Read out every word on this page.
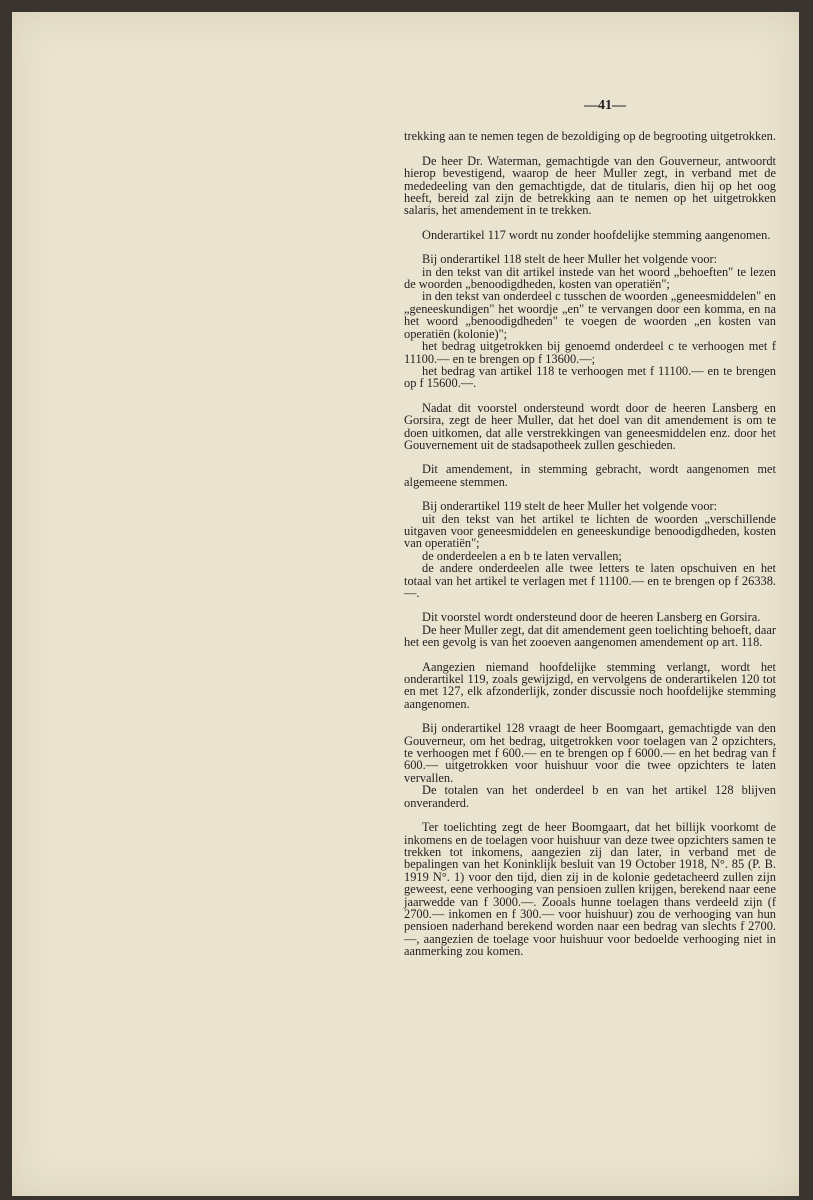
—41—

trekking aan te nemen tegen de bezoldiging op de begrooting uitgetrokken.

De heer Dr. Waterman, gemachtigde van den Gouverneur, antwoordt hierop bevestigend, waarop de heer Muller zegt, in verband met de mededeeling van den gemachtigde, dat de titularis, dien hij op het oog heeft, bereid zal zijn de betrekking aan te nemen op het uitgetrokken salaris, het amendement in te trekken.

Onderartikel 117 wordt nu zonder hoofdelijke stemming aangenomen.

Bij onderartikel 118 stelt de heer Muller het volgende voor:

in den tekst van dit artikel instede van het woord „behoeften" te lezen de woorden „benoodigdheden, kosten van operatiën";

in den tekst van onderdeel c tusschen de woorden „geneesmiddelen" en „geneeskundigen" het woordje „en" te vervangen door een komma, en na het woord „benoodigdheden" te voegen de woorden „en kosten van operatiën (kolonie)";

het bedrag uitgetrokken bij genoemd onderdeel c te verhoogen met f 11100.— en te brengen op f 13600.—;

het bedrag van artikel 118 te verhoogen met f 11100.— en te brengen op f 15600.—.

Nadat dit voorstel ondersteund wordt door de heeren Lansberg en Gorsira, zegt de heer Muller, dat het doel van dit amendement is om te doen uitkomen, dat alle verstrekkingen van geneesmiddelen enz. door het Gouvernement uit de stadsapotheek zullen geschieden.

Dit amendement, in stemming gebracht, wordt aangenomen met algemeene stemmen.

Bij onderartikel 119 stelt de heer Muller het volgende voor:

uit den tekst van het artikel te lichten de woorden „verschillende uitgaven voor geneesmiddelen en geneeskundige benoodigdheden, kosten van operatiën";

de onderdeelen a en b te laten vervallen;

de andere onderdeelen alle twee letters te laten opschuiven en het totaal van het artikel te verlagen met f 11100.— en te brengen op f 26338.—.

Dit voorstel wordt ondersteund door de heeren Lansberg en Gorsira.

De heer Muller zegt, dat dit amendement geen toelichting behoeft, daar het een gevolg is van het zooeven aangenomen amendement op art. 118.

Aangezien niemand hoofdelijke stemming verlangt, wordt het onderartikel 119, zoals gewijzigd, en vervolgens de onderartikelen 120 tot en met 127, elk afzonderlijk, zonder discussie noch hoofdelijke stemming aangenomen.

Bij onderartikel 128 vraagt de heer Boomgaart, gemachtigde van den Gouverneur, om het bedrag, uitgetrokken voor toelagen van 2 opzichters, te verhoogen met f 600.— en te brengen op f 6000.— en het bedrag van f 600.— uitgetrokken voor huishuur voor die twee opzichters te laten vervallen.

De totalen van het onderdeel b en van het artikel 128 blijven onveranderd.

Ter toelichting zegt de heer Boomgaart, dat het billijk voorkomt de inkomens en de toelagen voor huishuur van deze twee opzichters samen te trekken tot inkomens, aangezien zij dan later, in verband met de bepalingen van het Koninklijk besluit van 19 October 1918, N°. 85 (P. B. 1919 N°. 1) voor den tijd, dien zij in de kolonie gedetacheerd zullen zijn geweest, eene verhooging van pensioen zullen krijgen, berekend naar eene jaarwedde van f 3000.—. Zooals hunne toelagen thans verdeeld zijn (f 2700.— inkomen en f 300.— voor huishuur) zou de verhooging van hun pensioen naderhand berekend worden naar een bedrag van slechts f 2700.—, aangezien de toelage voor huishuur voor bedoelde verhooging niet in aanmerking zou komen.
